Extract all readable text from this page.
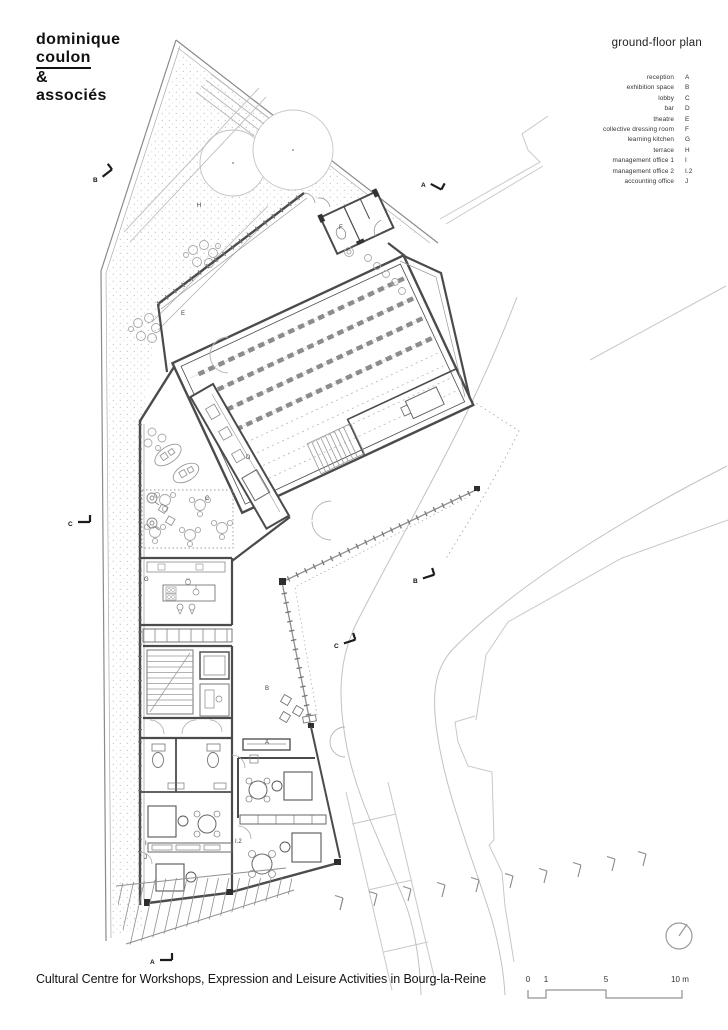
dominique
coulon
&
associés
ground-floor plan
reception A
exhibition space B
lobby C
bar D
theatre E
collective dressing room F
learning kitchen G
terrace H
management office 1 I
management office 2 I.2
accounting office J
H
E
F
D
C
G
B
A
I	I.2
J
B
A
C
B
C
A
0 1	5	10 m
Cultural Centre for Workshops, Expression and Leisure Activities in Bourg-la-Reine
